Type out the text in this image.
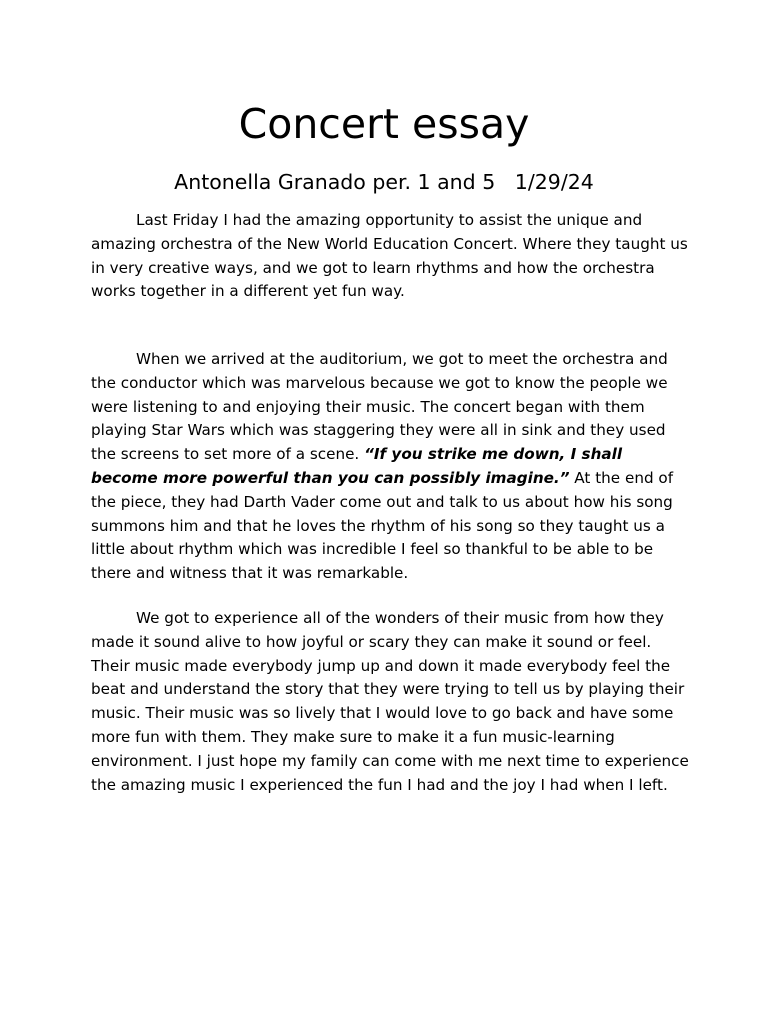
Concert essay

Antonella Granado per. 1 and 5   1/29/24

Last Friday I had the amazing opportunity to assist the unique and amazing orchestra of the New World Education Concert. Where they taught us in very creative ways, and we got to learn rhythms and how the orchestra works together in a different yet fun way.

When we arrived at the auditorium, we got to meet the orchestra and the conductor which was marvelous because we got to know the people we were listening to and enjoying their music. The concert began with them playing Star Wars which was staggering they were all in sink and they used the screens to set more of a scene. “If you strike me down, I shall become more powerful than you can possibly imagine.” At the end of the piece, they had Darth Vader come out and talk to us about how his song summons him and that he loves the rhythm of his song so they taught us a little about rhythm which was incredible I feel so thankful to be able to be there and witness that it was remarkable.

We got to experience all of the wonders of their music from how they made it sound alive to how joyful or scary they can make it sound or feel. Their music made everybody jump up and down it made everybody feel the beat and understand the story that they were trying to tell us by playing their music. Their music was so lively that I would love to go back and have some more fun with them. They make sure to make it a fun music-learning environment. I just hope my family can come with me next time to experience the amazing music I experienced the fun I had and the joy I had when I left.
